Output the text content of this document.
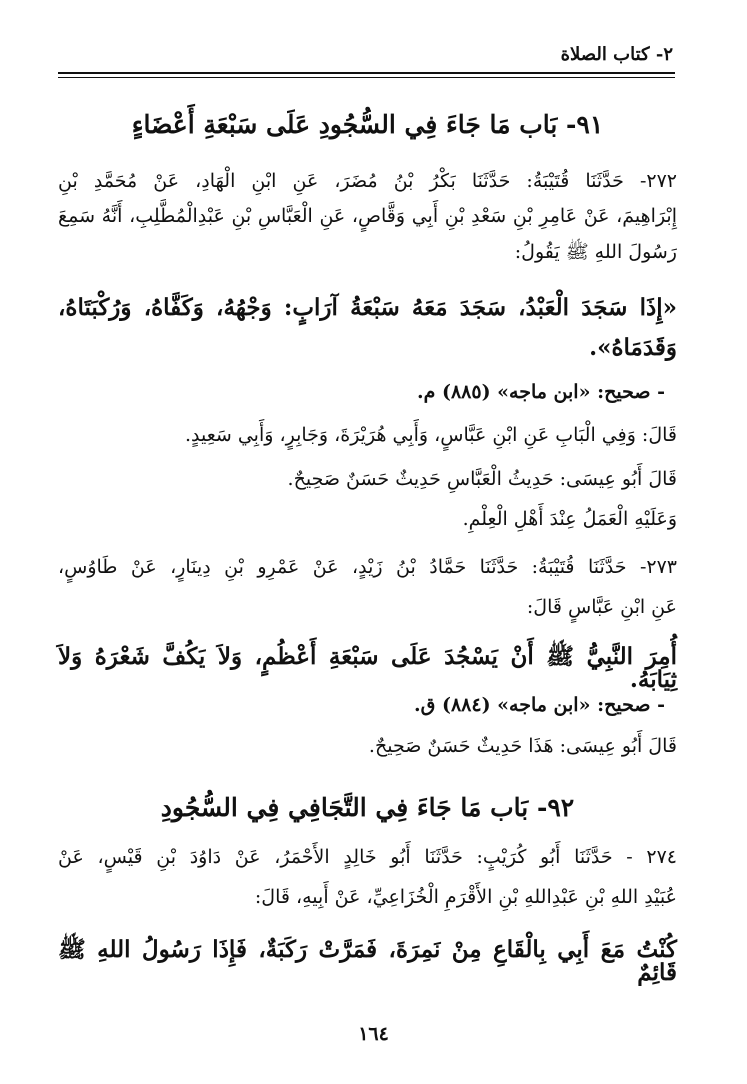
٢- كتاب الصلاة
٩١- بَاب مَا جَاءَ فِي السُّجُودِ عَلَى سَبْعَةِ أَعْضَاءٍ
٢٧٢- حَدَّثَنَا قُتَيْبَةُ: حَدَّثَنَا بَكْرُ بْنُ مُضَرَ، عَنِ ابْنِ الْهَادِ، عَنْ مُحَمَّدِ بْنِ
إِبْرَاهِيمَ، عَنْ عَامِرِ بْنِ سَعْدِ بْنِ أَبِي وَقَّاصٍ، عَنِ الْعَبَّاسِ بْنِ عَبْدِالْمُطَّلِبِ، أَنَّهُ سَمِعَ
رَسُولَ اللهِ ﷺ يَقُولُ:
«إِذَا سَجَدَ الْعَبْدُ، سَجَدَ مَعَهُ سَبْعَةُ آرَابٍ: وَجْهُهُ، وَكَفَّاهُ، وَرُكْبَتَاهُ،
وَقَدَمَاهُ».
- صحيح: «ابن ماجه» (٨٨٥) م.
قَالَ: وَفِي الْبَابِ عَنِ ابْنِ عَبَّاسٍ، وَأَبِي هُرَيْرَةَ، وَجَابِرٍ، وَأَبِي سَعِيدٍ.
قَالَ أَبُو عِيسَى: حَدِيثُ الْعَبَّاسِ حَدِيثٌ حَسَنٌ صَحِيحٌ.
وَعَلَيْهِ الْعَمَلُ عِنْدَ أَهْلِ الْعِلْمِ.
٢٧٣- حَدَّثَنَا قُتَيْبَةُ: حَدَّثَنَا حَمَّادُ بْنُ زَيْدٍ، عَنْ عَمْرِو بْنِ دِينَارٍ، عَنْ طَاوُسٍ،
عَنِ ابْنِ عَبَّاسٍ قَالَ:
أُمِرَ النَّبِيُّ ﷺ أَنْ يَسْجُدَ عَلَى سَبْعَةِ أَعْظُمٍ، وَلاَ يَكُفَّ شَعْرَهُ وَلاَ ثِيَابَهُ.
- صحيح: «ابن ماجه» (٨٨٤) ق.
قَالَ أَبُو عِيسَى: هَذَا حَدِيثٌ حَسَنٌ صَحِيحٌ.
٩٢- بَاب مَا جَاءَ فِي التَّجَافِي فِي السُّجُودِ
٢٧٤ - حَدَّثَنَا أَبُو كُرَيْبٍ: حَدَّثَنَا أَبُو خَالِدٍ الأَحْمَرُ، عَنْ دَاوُدَ بْنِ قَيْسٍ، عَنْ
عُبَيْدِ اللهِ بْنِ عَبْدِاللهِ بْنِ الأَقْرَمِ الْخُزَاعِيِّ، عَنْ أَبِيهِ، قَالَ:
كُنْتُ مَعَ أَبِي بِالْقَاعِ مِنْ نَمِرَةَ، فَمَرَّتْ رَكَبَةٌ، فَإِذَا رَسُولُ اللهِ ﷺ قَائِمٌ
١٦٤
